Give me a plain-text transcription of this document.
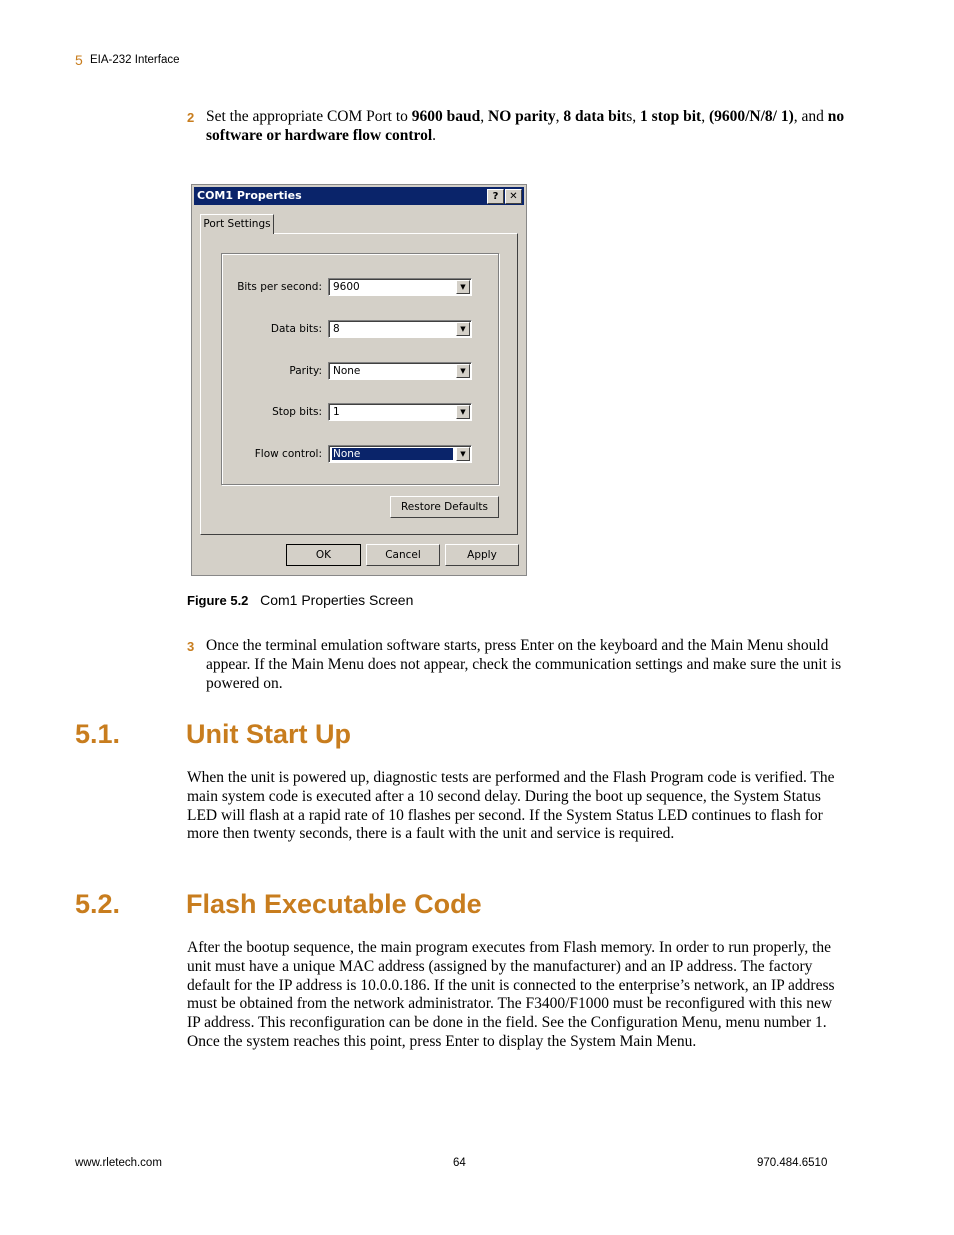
5 EIA-232 Interface
2 Set the appropriate COM Port to 9600 baud, NO parity, 8 data bits, 1 stop bit, (9600/N/8/ 1), and no software or hardware flow control.
COM1 Properties	?	✕
Port Settings
Bits per second: 9600	▼
Data bits: 8	▼
Parity: None	▼
Stop bits: 1	▼
Flow control: None	▼
Restore Defaults
OK	Cancel	Apply
Figure 5.2 Com1 Properties Screen
3 Once the terminal emulation software starts, press Enter on the keyboard and the Main Menu should appear. If the Main Menu does not appear, check the communication settings and make sure the unit is powered on.
5.1. Unit Start Up
When the unit is powered up, diagnostic tests are performed and the Flash Program code is verified. The main system code is executed after a 10 second delay. During the boot up sequence, the System Status LED will flash at a rapid rate of 10 flashes per second. If the System Status LED continues to flash for more then twenty seconds, there is a fault with the unit and service is required.
5.2. Flash Executable Code
After the bootup sequence, the main program executes from Flash memory. In order to run properly, the unit must have a unique MAC address (assigned by the manufacturer) and an IP address. The factory default for the IP address is 10.0.0.186. If the unit is connected to the enterprise’s network, an IP address must be obtained from the network administrator. The F3400/F1000 must be reconfigured with this new IP address. This reconfiguration can be done in the field. See the Configuration Menu, menu number 1. Once the system reaches this point, press Enter to display the System Main Menu.
www.rletech.com	64	970.484.6510
